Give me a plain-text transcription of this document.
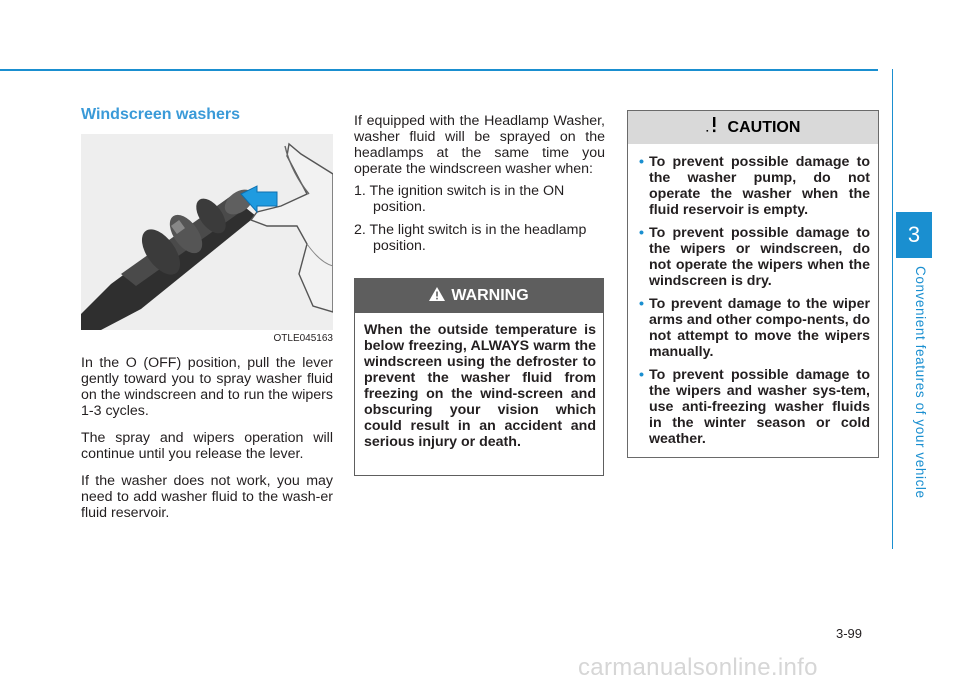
3
Convenient features of your vehicle
Windscreen washers
OTLE045163

In the O (OFF) position, pull the lever gently toward you to spray washer fluid on the windscreen and to run the wipers 1-3 cycles.

The spray and wipers operation will continue until you release the lever.

If the washer does not work, you may need to add washer fluid to the wash-er fluid reservoir.

If equipped with the Headlamp Washer, washer fluid will be sprayed on the headlamps at the same time you operate the windscreen washer when:

1. The ignition switch is in the ON position.
2. The light switch is in the headlamp position.
WARNING
When the outside temperature is below freezing, ALWAYS warm the windscreen using the defroster to prevent the washer fluid from freezing on the wind-screen and obscuring your vision which could result in an accident and serious injury or death.
CAUTION
• To prevent possible damage to the washer pump, do not operate the washer when the fluid reservoir is empty.
• To prevent possible damage to the wipers or windscreen, do not operate the wipers when the windscreen is dry.
• To prevent damage to the wiper arms and other compo-nents, do not attempt to move the wipers manually.
• To prevent possible damage to the wipers and washer sys-tem, use anti-freezing washer fluids in the winter season or cold weather.
3-99
carmanualsonline.info
